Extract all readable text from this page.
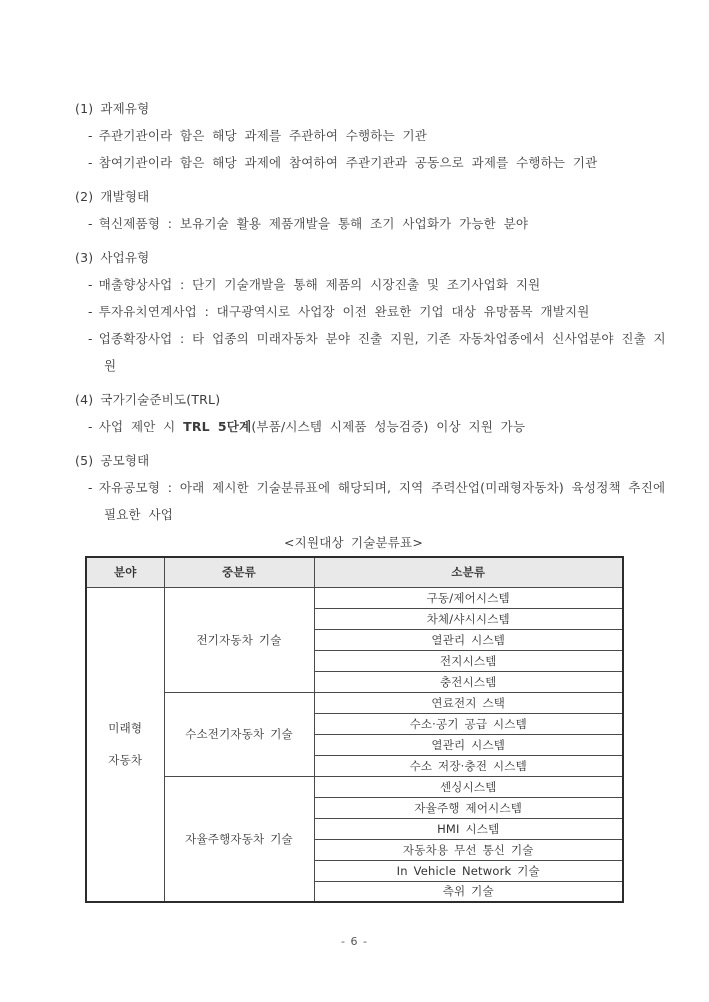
(1) 과제유형
- 주관기관이라 함은 해당 과제를 주관하여 수행하는 기관
- 참여기관이라 함은 해당 과제에 참여하여 주관기관과 공동으로 과제를 수행하는 기관
(2) 개발형태
- 혁신제품형 : 보유기술 활용 제품개발을 통해 조기 사업화가 가능한 분야
(3) 사업유형
- 매출향상사업 : 단기 기술개발을 통해 제품의 시장진출 및 조기사업화 지원
- 투자유치연계사업 : 대구광역시로 사업장 이전 완료한 기업 대상 유망품목 개발지원
- 업종확장사업 : 타 업종의 미래자동차 분야 진출 지원, 기존 자동차업종에서 신사업분야 진출 지원
(4) 국가기술준비도(TRL)
- 사업 제안 시 TRL 5단계(부품/시스템 시제품 성능검증) 이상 지원 가능
(5) 공모형태
- 자유공모형 : 아래 제시한 기술분류표에 해당되며, 지역 주력산업(미래형자동차) 육성정책 추진에 필요한 사업
<지원대상 기술분류표>
분야	중분류	소분류

미래형
자동차	전기자동차 기술	구동/제어시스템
		차체/샤시시스템
		열관리 시스템
		전지시스템
		충전시스템
	수소전기자동차 기술	연료전지 스택
		수소·공기 공급 시스템
		열관리 시스템
		수소 저장·충전 시스템
	자율주행자동차 기술	센싱시스템
		자율주행 제어시스템
		HMI 시스템
		자동차용 무선 통신 기술
		In Vehicle Network 기술
		측위 기술
- 6 -
